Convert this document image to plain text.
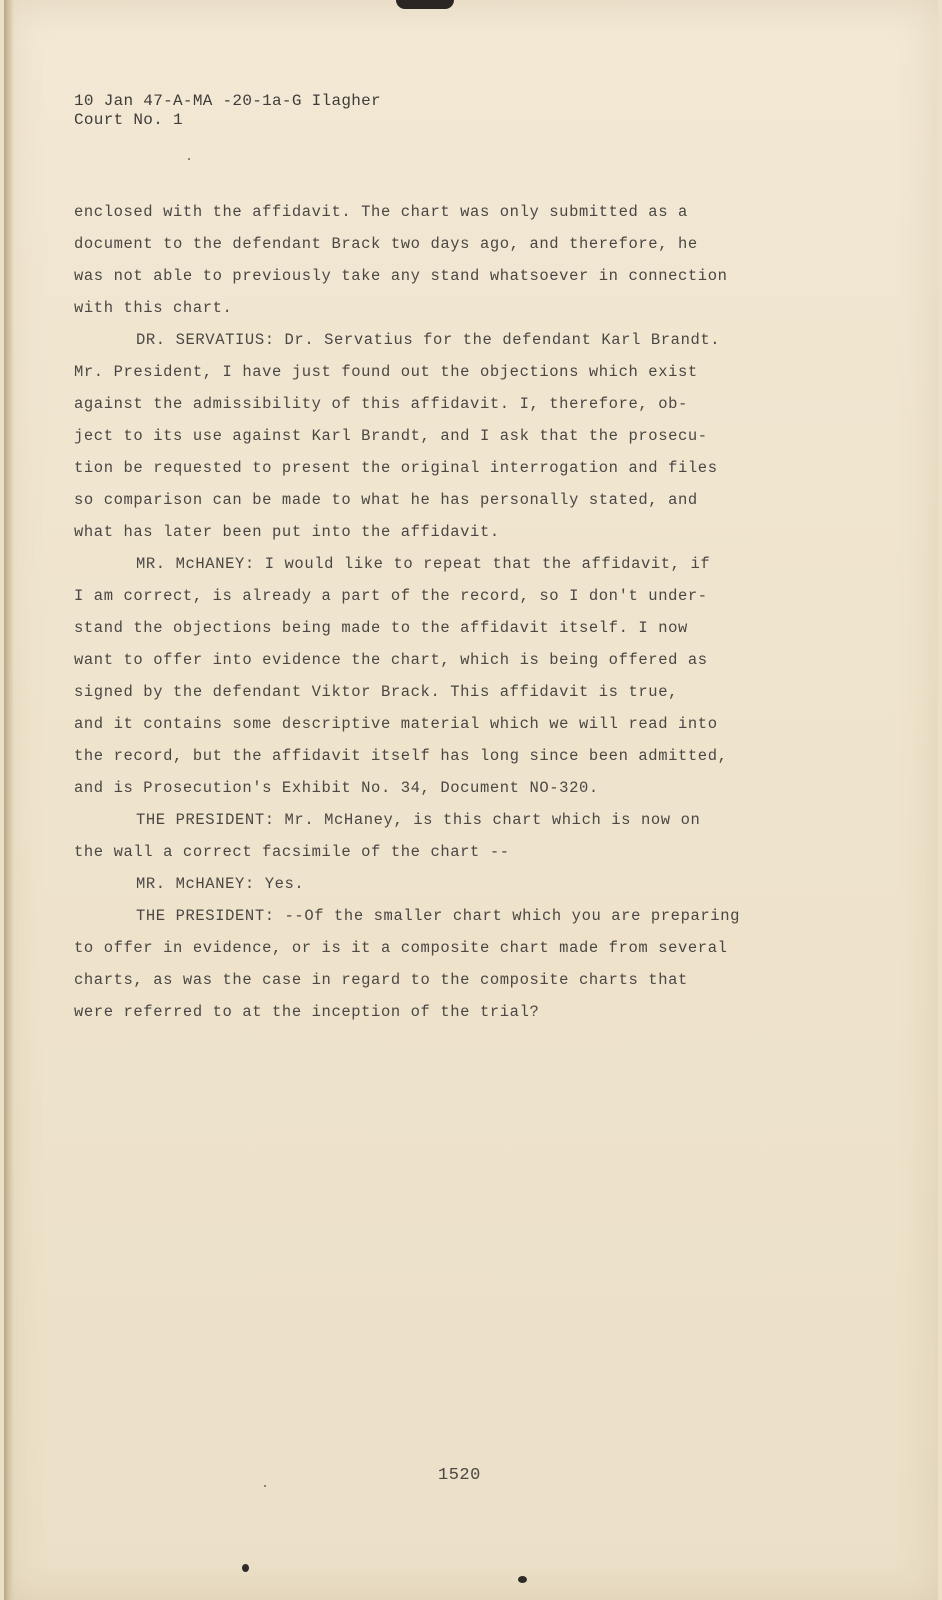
10 Jan 47-A-MA -20-1a-G Ilagher
Court No. 1
enclosed with the affidavit. The chart was only submitted as a
document to the defendant Brack two days ago, and therefore, he
was not able to previously take any stand whatsoever in connection
with this chart.
DR. SERVATIUS: Dr. Servatius for the defendant Karl Brandt.
Mr. President, I have just found out the objections which exist
against the admissibility of this affidavit. I, therefore, ob-
ject to its use against Karl Brandt, and I ask that the prosecu-
tion be requested to present the original interrogation and files
so comparison can be made to what he has personally stated, and
what has later been put into the affidavit.
MR. McHANEY: I would like to repeat that the affidavit, if
I am correct, is already a part of the record, so I don't under-
stand the objections being made to the affidavit itself. I now
want to offer into evidence the chart, which is being offered as
signed by the defendant Viktor Brack. This affidavit is true,
and it contains some descriptive material which we will read into
the record, but the affidavit itself has long since been admitted,
and is Prosecution's Exhibit No. 34, Document NO-320.
THE PRESIDENT: Mr. McHaney, is this chart which is now on
the wall a correct facsimile of the chart --
MR. McHANEY: Yes.
THE PRESIDENT: --Of the smaller chart which you are preparing
to offer in evidence, or is it a composite chart made from several
charts, as was the case in regard to the composite charts that
were referred to at the inception of the trial?
1520
